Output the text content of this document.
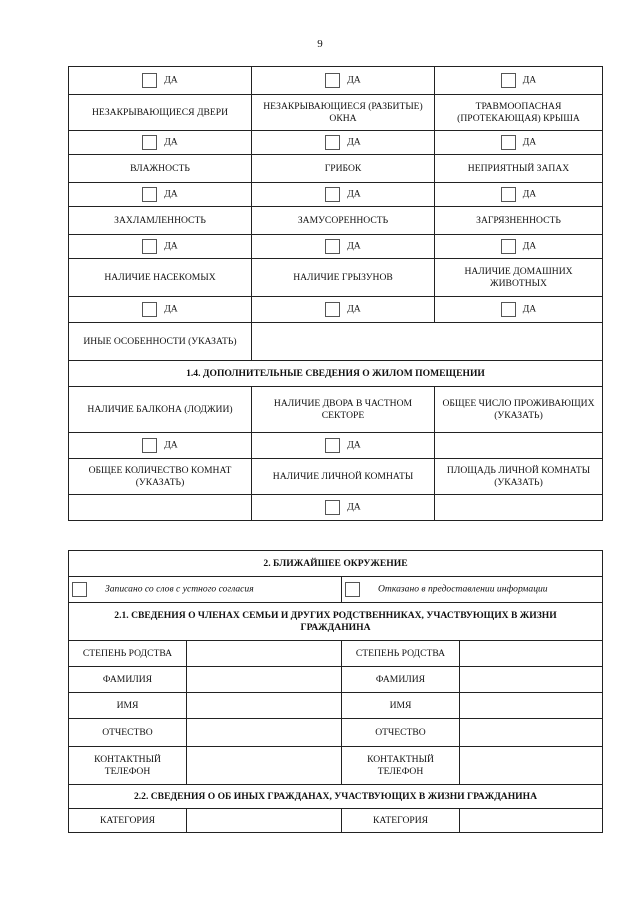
9
ДА	ДА	ДА
НЕЗАКРЫВАЮЩИЕСЯ ДВЕРИ	НЕЗАКРЫВАЮЩИЕСЯ (РАЗБИТЫЕ) ОКНА	ТРАВМООПАСНАЯ (ПРОТЕКАЮЩАЯ) КРЫША
ДА	ДА	ДА
ВЛАЖНОСТЬ	ГРИБОК	НЕПРИЯТНЫЙ ЗАПАХ
ДА	ДА	ДА
ЗАХЛАМЛЕННОСТЬ	ЗАМУСОРЕННОСТЬ	ЗАГРЯЗНЕННОСТЬ
ДА	ДА	ДА
НАЛИЧИЕ НАСЕКОМЫХ	НАЛИЧИЕ ГРЫЗУНОВ	НАЛИЧИЕ ДОМАШНИХ ЖИВОТНЫХ
ДА	ДА	ДА
ИНЫЕ ОСОБЕННОСТИ (УКАЗАТЬ)		
1.4. ДОПОЛНИТЕЛЬНЫЕ СВЕДЕНИЯ О ЖИЛОМ ПОМЕЩЕНИИ		
НАЛИЧИЕ БАЛКОНА (ЛОДЖИИ)	НАЛИЧИЕ ДВОРА В ЧАСТНОМ СЕКТОРЕ	ОБЩЕЕ ЧИСЛО ПРОЖИВАЮЩИХ (УКАЗАТЬ)
ДА	ДА	
ОБЩЕЕ КОЛИЧЕСТВО КОМНАТ (УКАЗАТЬ)	НАЛИЧИЕ ЛИЧНОЙ КОМНАТЫ	ПЛОЩАДЬ ЛИЧНОЙ КОМНАТЫ (УКАЗАТЬ)
	ДА	
2. БЛИЖАЙШЕЕ ОКРУЖЕНИЕ			
Записано со слов с устного согласия		Отказано в предоставлении информации	
2.1. СВЕДЕНИЯ О ЧЛЕНАХ СЕМЬИ И ДРУГИХ РОДСТВЕННИКАХ, УЧАСТВУЮЩИХ В ЖИЗНИ ГРАЖДАНИНА			
СТЕПЕНЬ РОДСТВА		СТЕПЕНЬ РОДСТВА	
ФАМИЛИЯ		ФАМИЛИЯ	
ИМЯ		ИМЯ	
ОТЧЕСТВО		ОТЧЕСТВО	
КОНТАКТНЫЙ ТЕЛЕФОН		КОНТАКТНЫЙ ТЕЛЕФОН	
2.2. СВЕДЕНИЯ О ОБ ИНЫХ ГРАЖДАНАХ, УЧАСТВУЮЩИХ В ЖИЗНИ ГРАЖДАНИНА			
КАТЕГОРИЯ		КАТЕГОРИЯ	
